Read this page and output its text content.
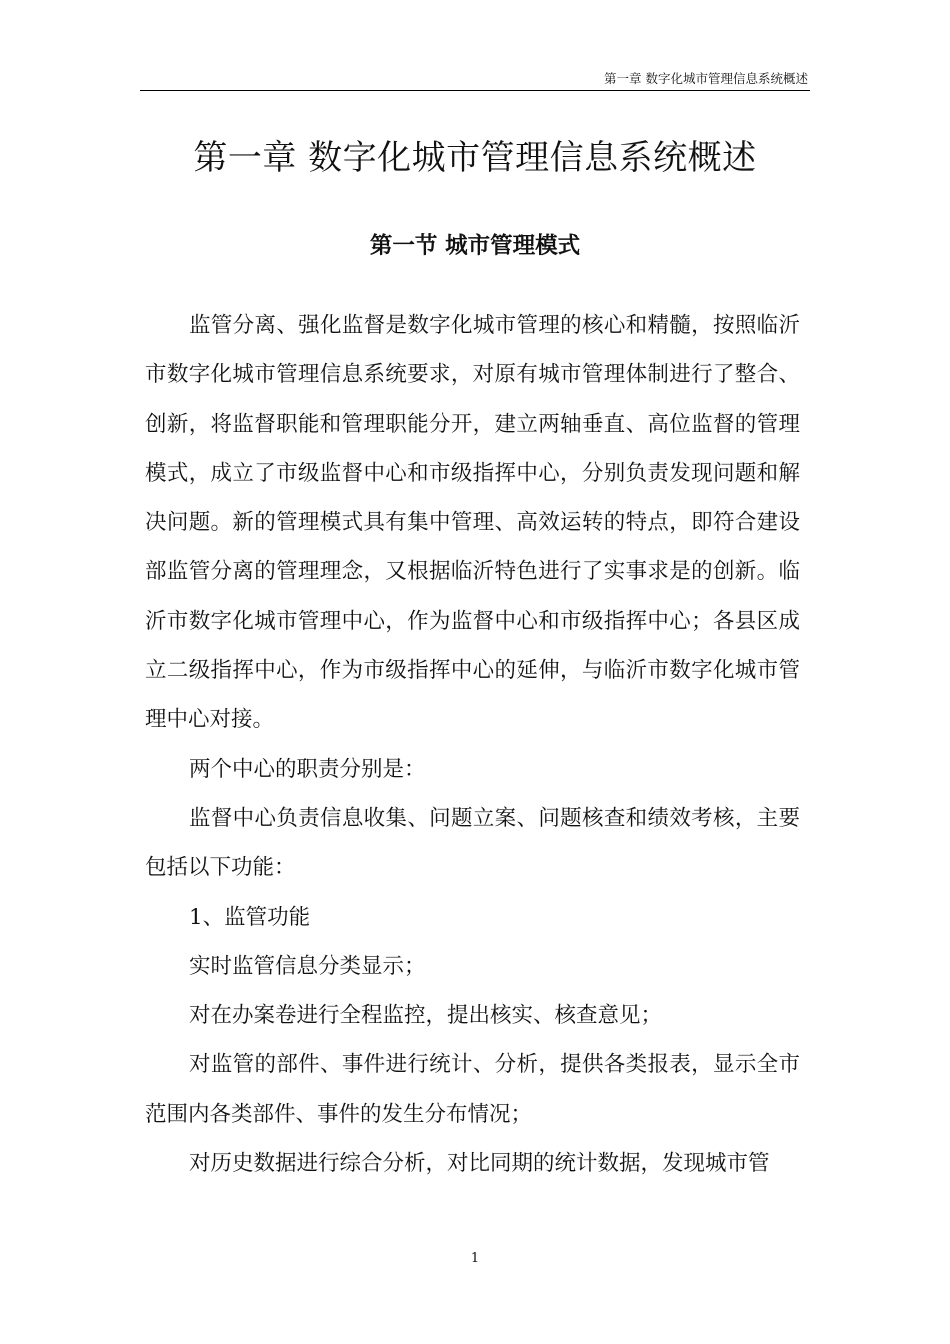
第一章 数字化城市管理信息系统概述
第一章 数字化城市管理信息系统概述
第一节 城市管理模式

监管分离、强化监督是数字化城市管理的核心和精髓，按照临沂市数字化城市管理信息系统要求，对原有城市管理体制进行了整合、创新，将监督职能和管理职能分开，建立两轴垂直、高位监督的管理模式，成立了市级监督中心和市级指挥中心，分别负责发现问题和解决问题。新的管理模式具有集中管理、高效运转的特点，即符合建设部监管分离的管理理念，又根据临沂特色进行了实事求是的创新。临沂市数字化城市管理中心，作为监督中心和市级指挥中心；各县区成立二级指挥中心，作为市级指挥中心的延伸，与临沂市数字化城市管理中心对接。

两个中心的职责分别是：

监督中心负责信息收集、问题立案、问题核查和绩效考核，主要包括以下功能：

1、监管功能

实时监管信息分类显示；

对在办案卷进行全程监控，提出核实、核查意见；

对监管的部件、事件进行统计、分析，提供各类报表，显示全市范围内各类部件、事件的发生分布情况；

对历史数据进行综合分析，对比同期的统计数据，发现城市管

1
